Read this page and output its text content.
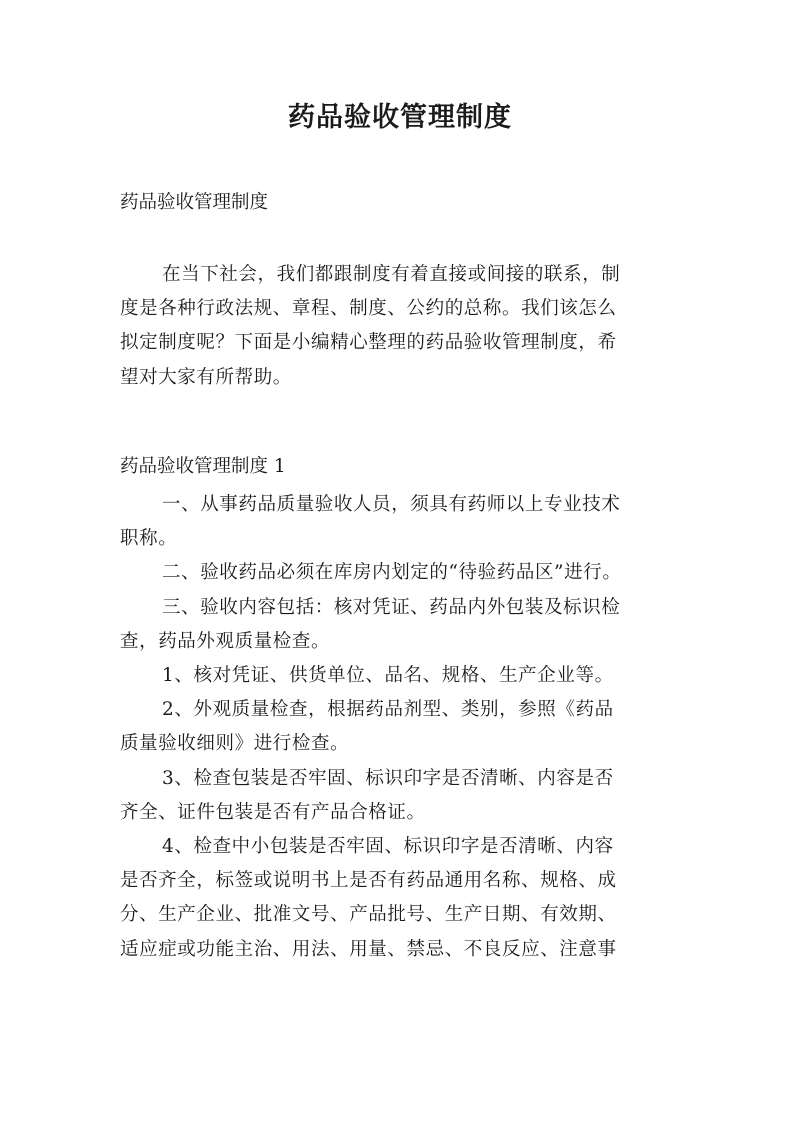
药品验收管理制度

药品验收管理制度

在当下社会，我们都跟制度有着直接或间接的联系，制
度是各种行政法规、章程、制度、公约的总称。我们该怎么
拟定制度呢？下面是小编精心整理的药品验收管理制度，希
望对大家有所帮助。

药品验收管理制度 1

一、从事药品质量验收人员，须具有药师以上专业技术
职称。
二、验收药品必须在库房内划定的“待验药品区”进行。
三、验收内容包括：核对凭证、药品内外包装及标识检
查，药品外观质量检查。
1、核对凭证、供货单位、品名、规格、生产企业等。
2、外观质量检查，根据药品剂型、类别，参照《药品
质量验收细则》进行检查。
3、检查包装是否牢固、标识印字是否清晰、内容是否
齐全、证件包装是否有产品合格证。
4、检查中小包装是否牢固、标识印字是否清晰、内容
是否齐全，标签或说明书上是否有药品通用名称、规格、成
分、生产企业、批准文号、产品批号、生产日期、有效期、
适应症或功能主治、用法、用量、禁忌、不良反应、注意事
